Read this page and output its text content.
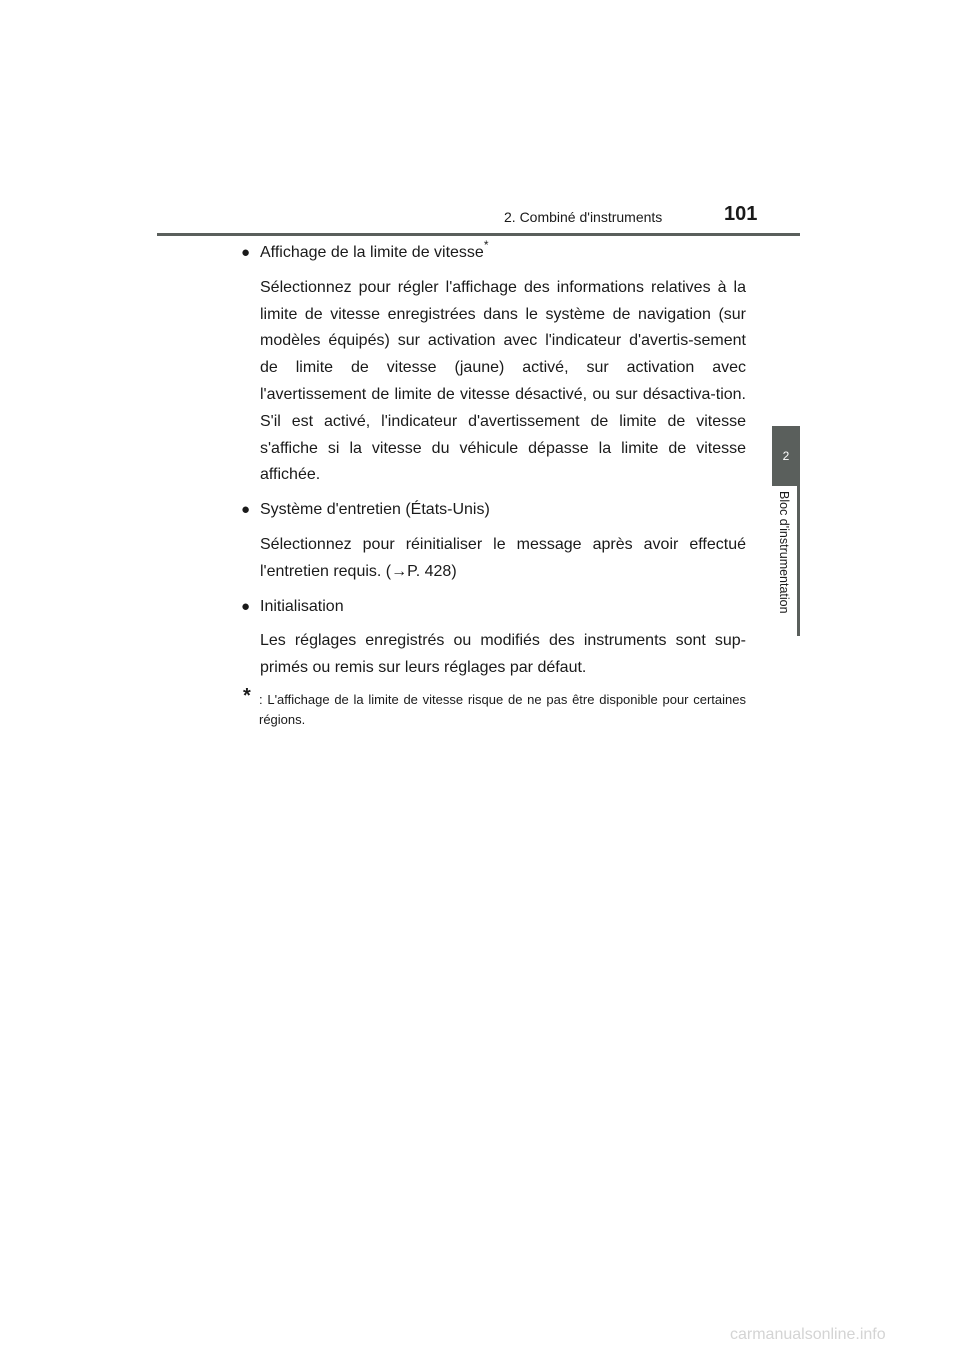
2. Combiné d'instruments	101
2
Bloc d'instrumentation
● Affichage de la limite de vitesse*

Sélectionnez pour régler l'affichage des informations relatives à la limite de vitesse enregistrées dans le système de navigation (sur modèles équipés) sur activation avec l'indicateur d'avertis-sement de limite de vitesse (jaune) activé, sur activation avec l'avertissement de limite de vitesse désactivé, ou sur désactiva-tion. S'il est activé, l'indicateur d'avertissement de limite de vitesse s'affiche si la vitesse du véhicule dépasse la limite de vitesse affichée.

● Système d'entretien (États-Unis)

Sélectionnez pour réinitialiser le message après avoir effectué l'entretien requis. (→P. 428)

● Initialisation

Les réglages enregistrés ou modifiés des instruments sont sup-primés ou remis sur leurs réglages par défaut.

* : L'affichage de la limite de vitesse risque de ne pas être disponible pour certaines régions.
carmanualsonline.info
